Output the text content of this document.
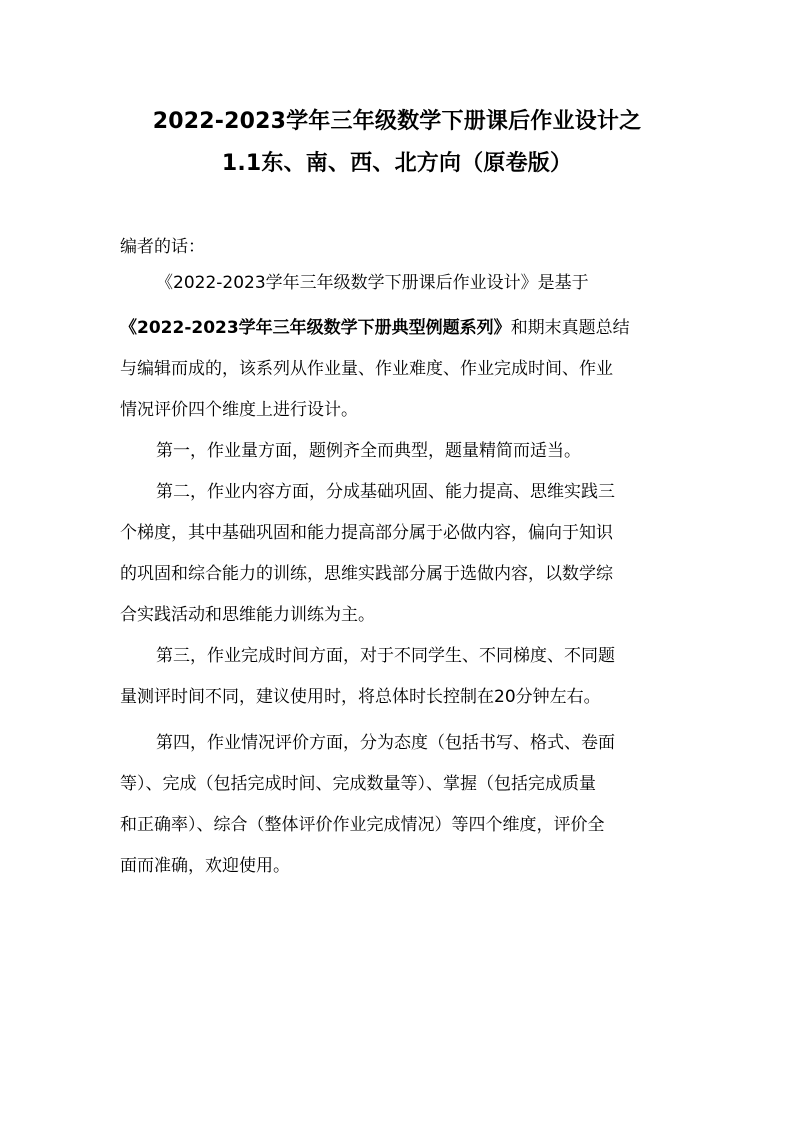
2022-2023学年三年级数学下册课后作业设计之
1.1东、南、西、北方向（原卷版）
编者的话：
《2022-2023学年三年级数学下册课后作业设计》是基于
《2022-2023学年三年级数学下册典型例题系列》和期末真题总结
与编辑而成的，该系列从作业量、作业难度、作业完成时间、作业
情况评价四个维度上进行设计。
第一，作业量方面，题例齐全而典型，题量精简而适当。
第二，作业内容方面，分成基础巩固、能力提高、思维实践三
个梯度，其中基础巩固和能力提高部分属于必做内容，偏向于知识
的巩固和综合能力的训练，思维实践部分属于选做内容，以数学综
合实践活动和思维能力训练为主。
第三，作业完成时间方面，对于不同学生、不同梯度、不同题
量测评时间不同，建议使用时，将总体时长控制在20分钟左右。
第四，作业情况评价方面，分为态度（包括书写、格式、卷面
等）、完成（包括完成时间、完成数量等）、掌握（包括完成质量
和正确率）、综合（整体评价作业完成情况）等四个维度，评价全
面而准确，欢迎使用。
